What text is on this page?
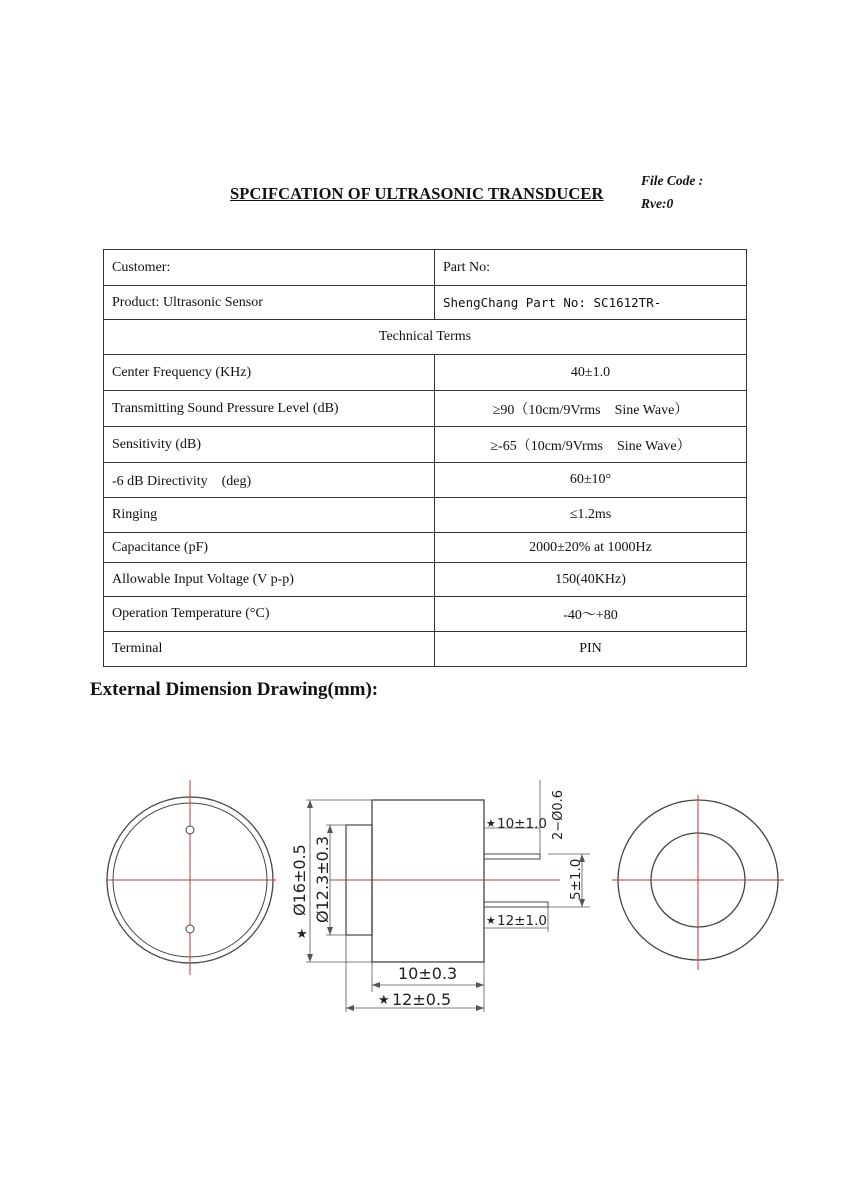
SPCIFCATION OF ULTRASONIC TRANSDUCER
File Code :
Rve:0
Customer:	Part No:
Product: Ultrasonic Sensor	ShengChang Part No: SC1612TR-
Technical Terms	
Center Frequency (KHz)	40±1.0
Transmitting Sound Pressure Level (dB)	≥90（10cm/9Vrms　Sine Wave）
Sensitivity (dB)	≥-65（10cm/9Vrms　Sine Wave）
-6 dB Directivity　(deg)	60±10°
Ringing	≤1.2ms
Capacitance (pF)	2000±20% at 1000Hz
Allowable Input Voltage (V p-p)	150(40KHz)
Operation Temperature (°C)	-40～+80
Terminal	PIN
External Dimension Drawing(mm):
Ø16±0.5
★
Ø12.3±0.3
10±0.3
★ 12±0.5
★ 10±1.0 2−Ø0.6
5±1.0
★ 12±1.0
